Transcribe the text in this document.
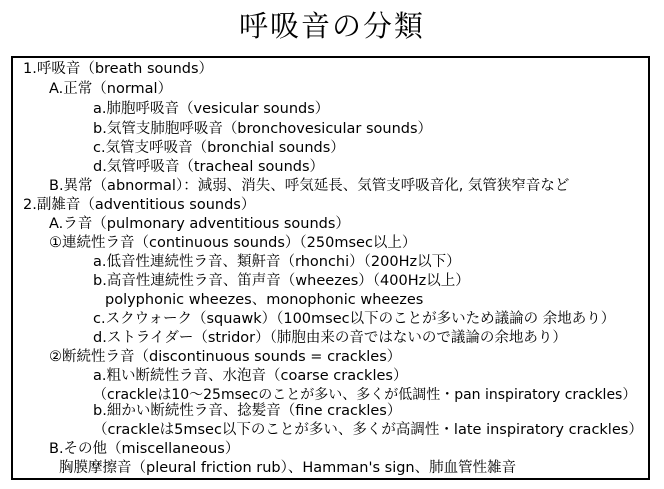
呼吸音の分類
1.呼吸音（breath sounds）
A.正常（normal）
a.肺胞呼吸音（vesicular sounds）
b.気管支肺胞呼吸音（bronchovesicular sounds）
c.気管支呼吸音（bronchial sounds）
d.気管呼吸音（tracheal sounds）
B.異常（abnormal）：減弱、消失、呼気延長、気管支呼吸音化, 気管狭窄音など
2.副雑音（adventitious sounds）
A.ラ音（pulmonary adventitious sounds）
①連続性ラ音（continuous sounds）（250msec以上）
a.低音性連続性ラ音、類鼾音（rhonchi）（200Hz以下）
b.高音性連続性ラ音、笛声音（wheezes）（400Hz以上）
polyphonic wheezes、monophonic wheezes
c.スクウォーク（squawk）（100msec以下のことが多いため議論の 余地あり）
d.ストライダー（stridor）（肺胞由来の音ではないので議論の余地あり）
②断続性ラ音（discontinuous sounds = crackles）
a.粗い断続性ラ音、水泡音（coarse crackles）
（crackleは10～25msecのことが多い、多くが低調性・pan inspiratory crackles）
b.細かい断続性ラ音、捻髪音（fine crackles）
（crackleは5msec以下のことが多い、多くが高調性・late inspiratory crackles）
B.その他（miscellaneous）
胸膜摩擦音（pleural friction rub）、Hamman's sign、肺血管性雑音
